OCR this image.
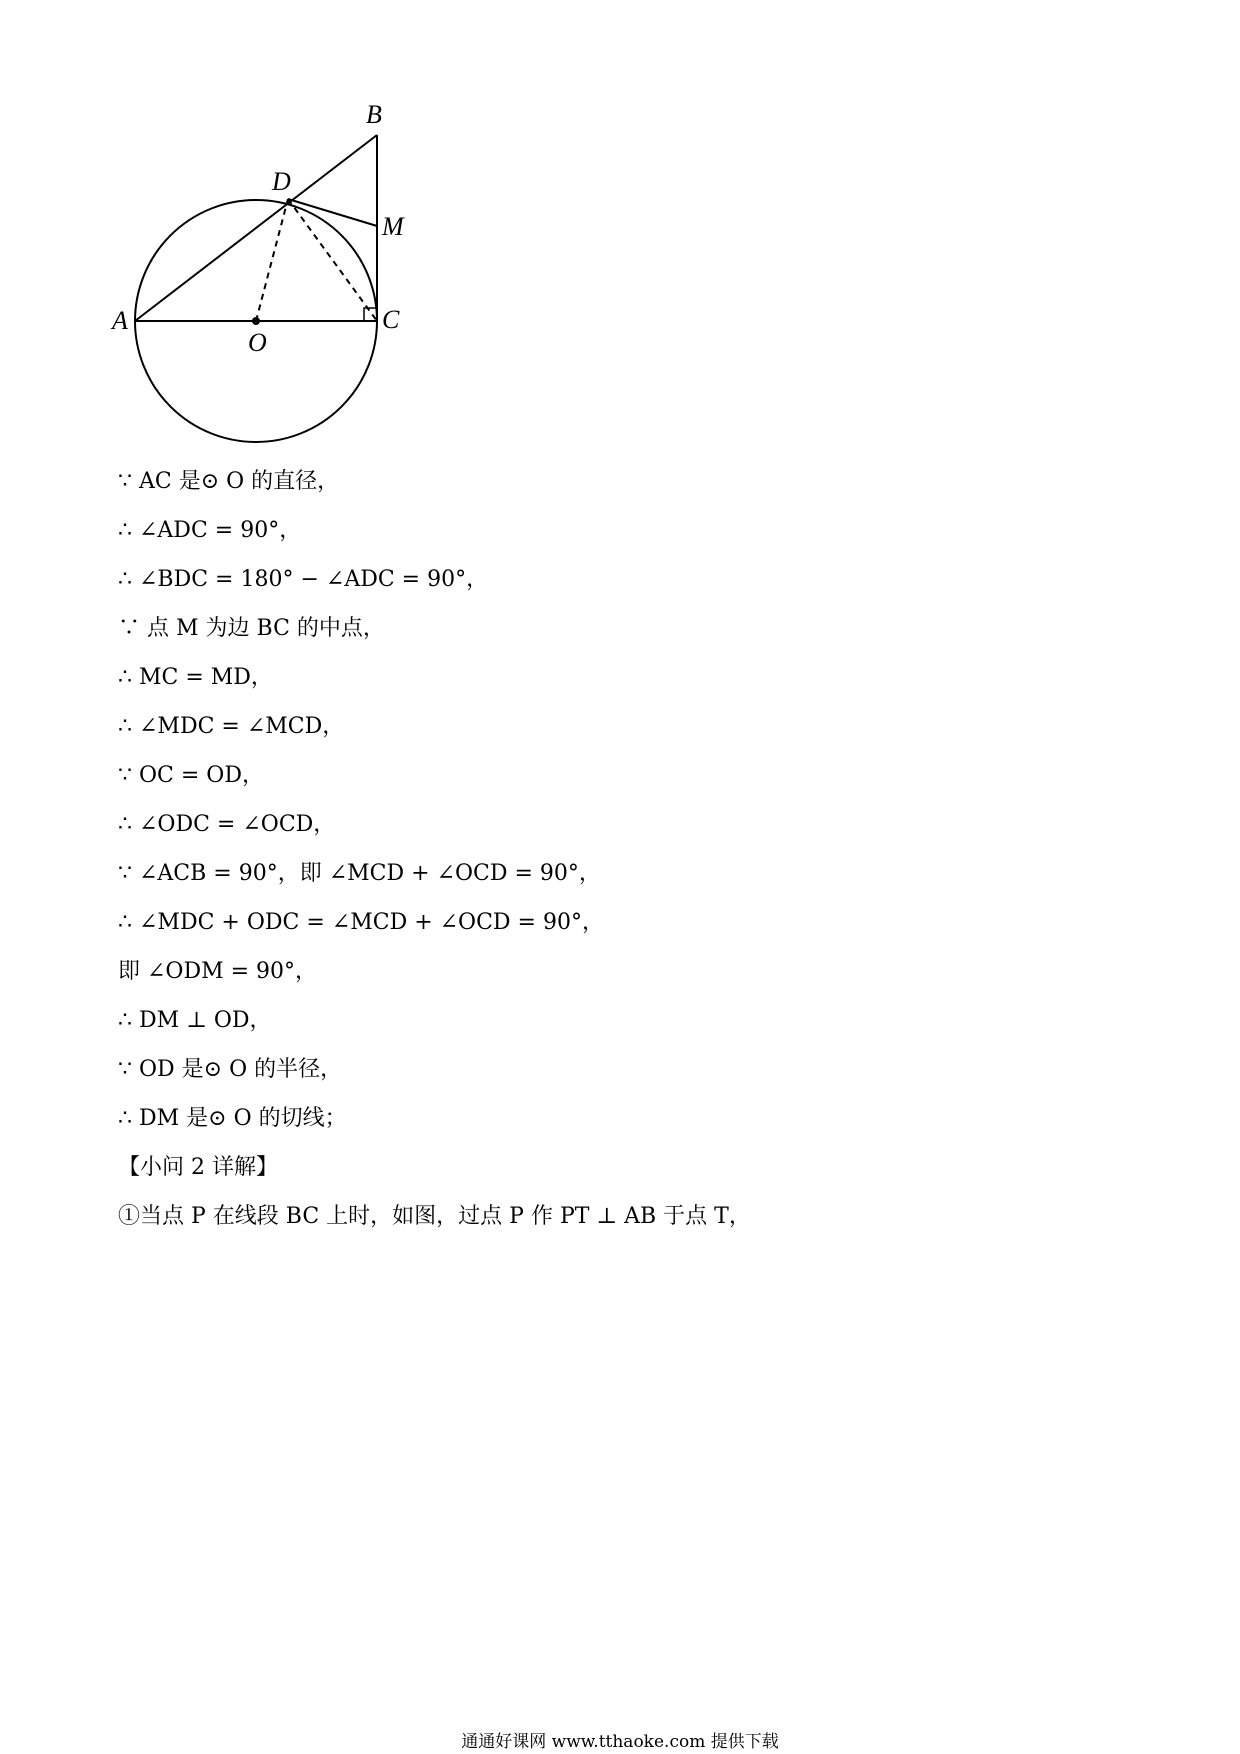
B
D
M
A	C
O
∵ AC 是⊙ O 的直径，
∴ ∠ADC = 90°，
∴ ∠BDC = 180° − ∠ADC = 90°，
∵ 点 M 为边 BC 的中点，
∴ MC = MD，
∴ ∠MDC = ∠MCD，
∵ OC = OD，
∴ ∠ODC = ∠OCD，
∵ ∠ACB = 90°，即 ∠MCD + ∠OCD = 90°，
∴ ∠MDC + ODC = ∠MCD + ∠OCD = 90°，
即 ∠ODM = 90°，
∴ DM ⊥ OD，
∵ OD 是⊙ O 的半径，
∴ DM 是⊙ O 的切线；
【小问 2 详解】
①当点 P 在线段 BC 上时，如图，过点 P 作 PT ⊥ AB 于点 T，
通通好课网 www.tthaoke.com 提供下载
